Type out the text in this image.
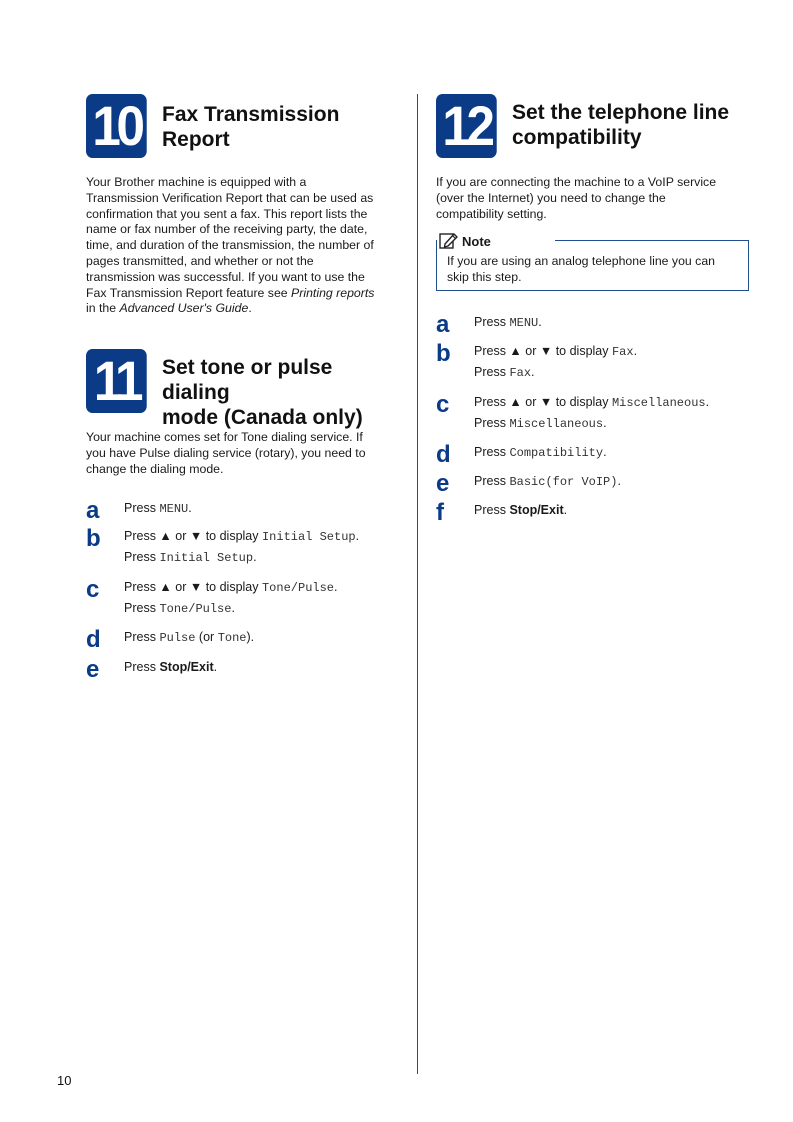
10	Fax Transmission Report
Your Brother machine is equipped with a
Transmission Verification Report that can be used as
confirmation that you sent a fax. This report lists the
name or fax number of the receiving party, the date,
time, and duration of the transmission, the number of
pages transmitted, and whether or not the
transmission was successful. If you want to use the
Fax Transmission Report feature see Printing reports
in the Advanced User's Guide.
11	Set tone or pulse dialing
mode (Canada only)
Your machine comes set for Tone dialing service. If
you have Pulse dialing service (rotary), you need to
change the dialing mode.
a Press MENU.
b Press ▲ or ▼ to display Initial Setup.
Press Initial Setup.
c Press ▲ or ▼ to display Tone/Pulse.
Press Tone/Pulse.
d Press Pulse (or Tone).
e Press Stop/Exit.
12	Set the telephone line
compatibility
If you are connecting the machine to a VoIP service
(over the Internet) you need to change the
compatibility setting.
Note
If you are using an analog telephone line you can
skip this step.
a Press MENU.
b Press ▲ or ▼ to display Fax.
Press Fax.
c Press ▲ or ▼ to display Miscellaneous.
Press Miscellaneous.
d Press Compatibility.
e Press Basic(for VoIP).
f Press Stop/Exit.
10
